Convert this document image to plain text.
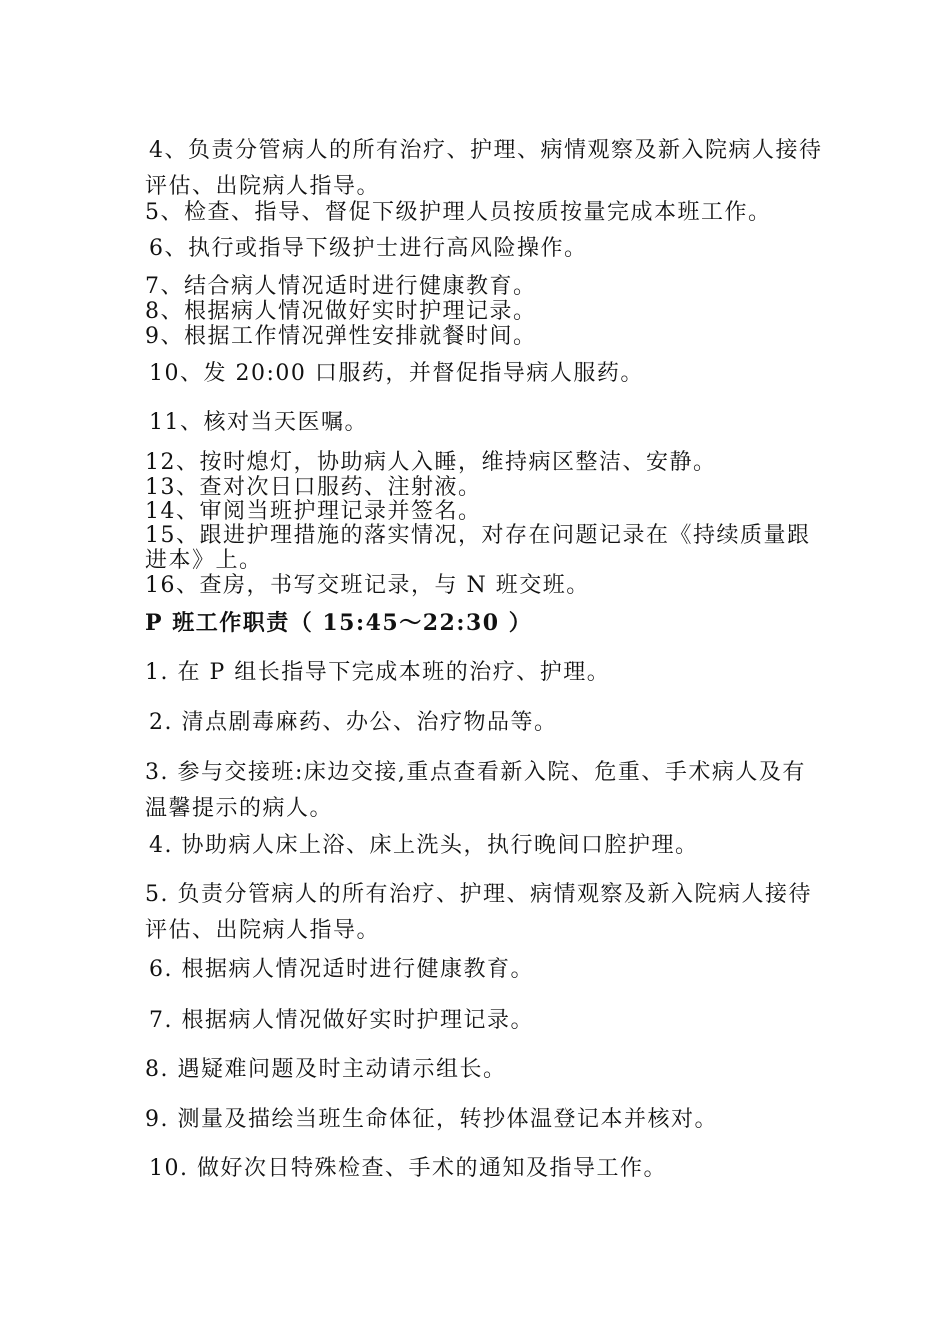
4、负责分管病人的所有治疗、护理、病情观察及新入院病人接待
评估、出院病人指导。
5、检查、指导、督促下级护理人员按质按量完成本班工作。
6、执行或指导下级护士进行高风险操作。
7、结合病人情况适时进行健康教育。
8、根据病人情况做好实时护理记录。
9、根据工作情况弹性安排就餐时间。
10、发 20:00 口服药，并督促指导病人服药。
11、核对当天医嘱。
12、按时熄灯，协助病人入睡，维持病区整洁、安静。
13、查对次日口服药、注射液。
14、审阅当班护理记录并签名。
15、跟进护理措施的落实情况，对存在问题记录在《持续质量跟
进本》上。
16、查房，书写交班记录，与 N 班交班。
P 班工作职责（ 15:45～22:30 ）
1. 在 P 组长指导下完成本班的治疗、护理。
2. 清点剧毒麻药、办公、治疗物品等。
3. 参与交接班:床边交接,重点查看新入院、危重、手术病人及有
温馨提示的病人。
4. 协助病人床上浴、床上洗头，执行晚间口腔护理。
5. 负责分管病人的所有治疗、护理、病情观察及新入院病人接待
评估、出院病人指导。
6. 根据病人情况适时进行健康教育。
7. 根据病人情况做好实时护理记录。
8. 遇疑难问题及时主动请示组长。
9. 测量及描绘当班生命体征，转抄体温登记本并核对。
10. 做好次日特殊检查、手术的通知及指导工作。
